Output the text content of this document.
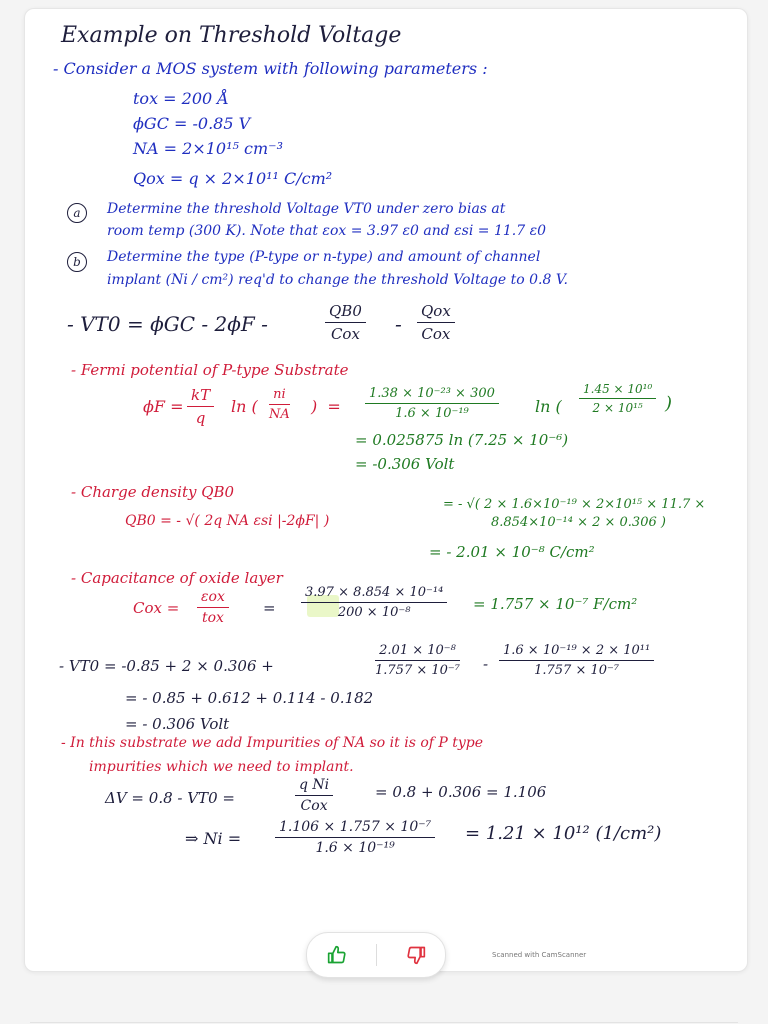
Example on Threshold Voltage
- Consider a MOS system with following parameters :
tox = 200 Å
ϕGC = -0.85 V
NA = 2×10¹⁵ cm⁻³
Qox = q × 2×10¹¹ C/cm²
a	Determine the threshold Voltage VT0 under zero bias at
room temp (300 K). Note that εox = 3.97 ε0 and εsi = 11.7 ε0
b	Determine the type (P-type or n-type) and amount of channel
implant (Ni / cm²) req'd to change the threshold Voltage to 0.8 V.
- VT0 = ϕGC - 2ϕF -
QB0
Cox -
Qox
Cox
- Fermi potential of P-type Substrate
$\phi F = \frac{kT}{q}$ ln ( $\frac{ni}{NA}$ )  = $\frac{\text{1.38 × 10⁻²³ × 300}}{\text{1.6 × 10⁻¹⁹}}$ ln ( $\frac{\text{1.45 × 10¹⁰}}{\text{2 × 10¹⁵}}$ )
= 0.025875 ln (7.25 × 10⁻⁶)
= -0.306 Volt
- Charge density QB0
QB0 = - √( 2q NA εsi |-2ϕF| )
= - √( 2 × 1.6×10⁻¹⁹ × 2×10¹⁵ × 11.7 ×
8.854×10⁻¹⁴ × 2 × 0.306 )
= - 2.01 × 10⁻⁸ C/cm²
- Capacitance of oxide layer
Cox =
εox
tox
= $\frac{\text{3.97 × 8.854 × 10⁻¹⁴}}{\text{200 × 10⁻⁸}} = 1.757 \times 10^{-7}$ F/cm²
- VT0 = -0.85 + 2 × 0.306 +	$\frac{\text{2.01 × 10⁻⁸}}{\text{1.757 × 10⁻⁷}} - \frac{\text{1.6 × 10⁻¹⁹ × 2 × 10¹¹}}{\text{1.757 × 10⁻⁷}}$
= - 0.85 + 0.612 + 0.114 - 0.182
= - 0.306 Volt
- In this substrate we add Impurities of NA so it is of P type
impurities which we need to implant.
ΔV = 0.8 - VT0 =
q Ni
Cox
= 0.8 + 0.306 = 1.106
⇒ $Ni = \frac{\text{1.106 × 1.757 × 10⁻⁷}}{\text{1.6 × 10⁻¹⁹}} = 1.21 \times 10^{12}$ (1/cm²)
Scanned with CamScanner
